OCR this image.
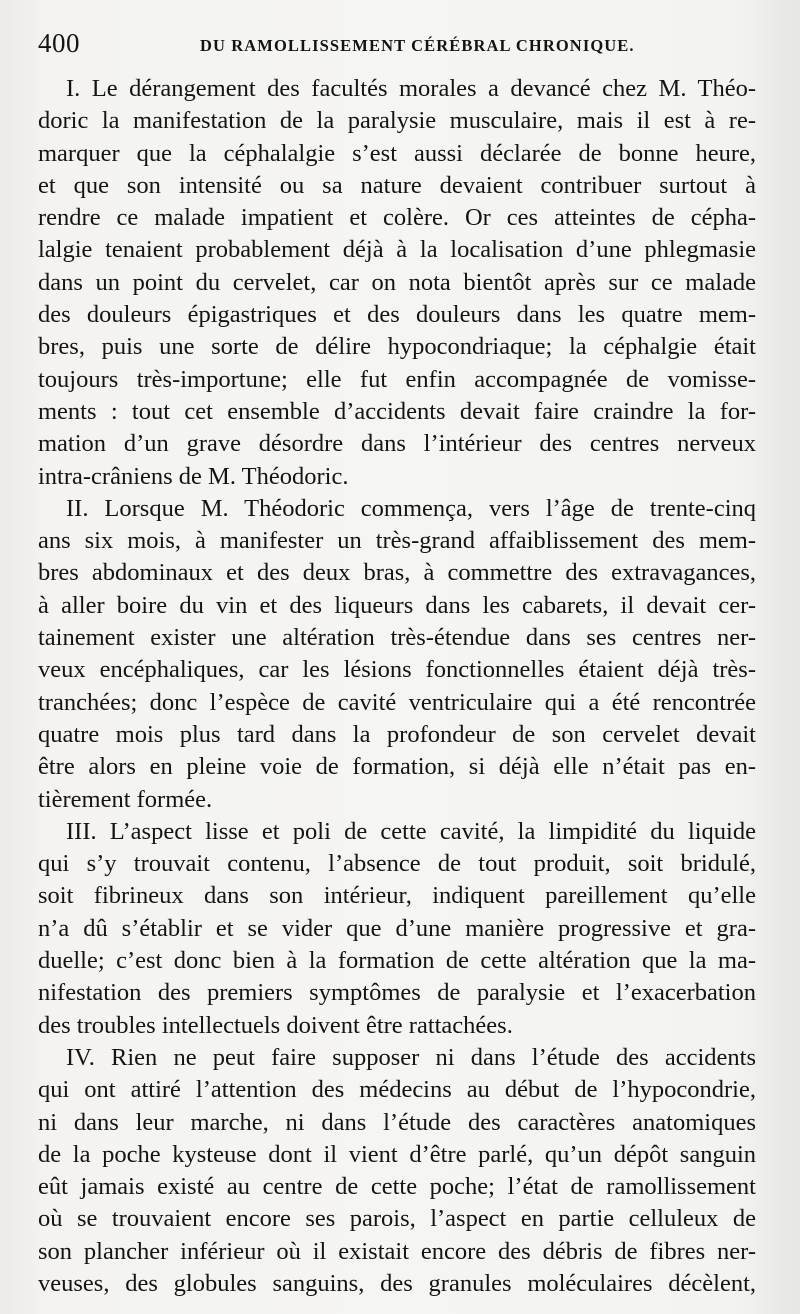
400	DU RAMOLLISSEMENT CÉRÉBRAL CHRONIQUE.
I. Le dérangement des facultés morales a devancé chez M. Théo-
doric la manifestation de la paralysie musculaire, mais il est à re-
marquer que la céphalalgie s’est aussi déclarée de bonne heure,
et que son intensité ou sa nature devaient contribuer surtout à
rendre ce malade impatient et colère. Or ces atteintes de cépha-
lalgie tenaient probablement déjà à la localisation d’une phlegmasie
dans un point du cervelet, car on nota bientôt après sur ce malade
des douleurs épigastriques et des douleurs dans les quatre mem-
bres, puis une sorte de délire hypocondriaque; la céphalgie était
toujours très-importune; elle fut enfin accompagnée de vomisse-
ments : tout cet ensemble d’accidents devait faire craindre la for-
mation d’un grave désordre dans l’intérieur des centres nerveux
intra-crâniens de M. Théodoric.
II. Lorsque M. Théodoric commença, vers l’âge de trente-cinq
ans six mois, à manifester un très-grand affaiblissement des mem-
bres abdominaux et des deux bras, à commettre des extravagances,
à aller boire du vin et des liqueurs dans les cabarets, il devait cer-
tainement exister une altération très-étendue dans ses centres ner-
veux encéphaliques, car les lésions fonctionnelles étaient déjà très-
tranchées; donc l’espèce de cavité ventriculaire qui a été rencontrée
quatre mois plus tard dans la profondeur de son cervelet devait
être alors en pleine voie de formation, si déjà elle n’était pas en-
tièrement formée.
III. L’aspect lisse et poli de cette cavité, la limpidité du liquide
qui s’y trouvait contenu, l’absence de tout produit, soit bridulé,
soit fibrineux dans son intérieur, indiquent pareillement qu’elle
n’a dû s’établir et se vider que d’une manière progressive et gra-
duelle; c’est donc bien à la formation de cette altération que la ma-
nifestation des premiers symptômes de paralysie et l’exacerbation
des troubles intellectuels doivent être rattachées.
IV. Rien ne peut faire supposer ni dans l’étude des accidents
qui ont attiré l’attention des médecins au début de l’hypocondrie,
ni dans leur marche, ni dans l’étude des caractères anatomiques
de la poche kysteuse dont il vient d’être parlé, qu’un dépôt sanguin
eût jamais existé au centre de cette poche; l’état de ramollissement
où se trouvaient encore ses parois, l’aspect en partie celluleux de
son plancher inférieur où il existait encore des débris de fibres ner-
veuses, des globules sanguins, des granules moléculaires décèlent,
